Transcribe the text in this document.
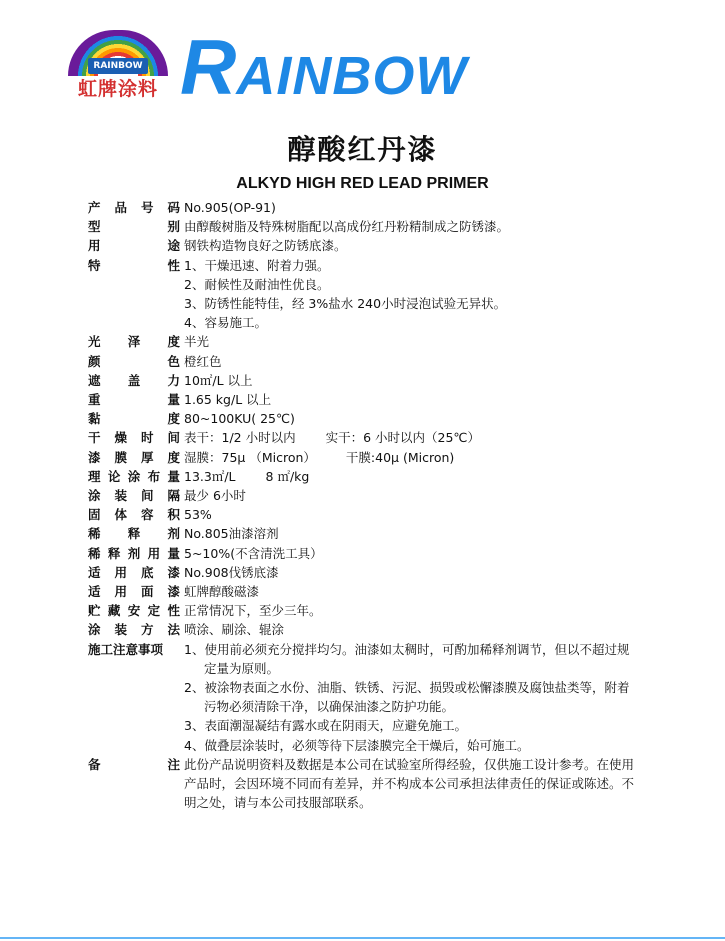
RAINBOW
虹牌涂料 RAINBOW
醇酸红丹漆
ALKYD HIGH RED LEAD PRIMER
产 品 号 码 No.905(OP-91)
型	别 由醇酸树脂及特殊树脂配以高成份红丹粉精制成之防锈漆。
用	途 钢铁构造物良好之防锈底漆。
特	性 1、干燥迅速、附着力强。
2、耐候性及耐油性优良。
3、防锈性能特佳，经 3%盐水 240小时浸泡试验无异状。
4、容易施工。
光 泽 度 半光
颜	色 橙红色
遮 盖 力 10㎡/L 以上
重	量 1.65 kg/L 以上
黏	度 80~100KU( 25℃)
干 燥 时 间 表干：1/2 小时以内 实干：6 小时以内（25℃）
漆 膜 厚 度 湿膜：75μ （Micron） 干膜:40μ (Micron)
理 论 涂 布 量 13.3㎡/L 8 ㎡/kg
涂 装 间 隔 最少 6小时
固 体 容 积 53%
稀 释 剂 No.805油漆溶剂
稀 释 剂 用 量 5~10%(不含清洗工具）
适 用 底 漆 No.908伐锈底漆
适 用 面 漆 虹牌醇酸磁漆
贮 藏 安 定 性 正常情况下，至少三年。
涂 装 方 法 喷涂、刷涂、辊涂
施工注意事项	1、使用前必须充分搅拌均匀。油漆如太稠时，可酌加稀释剂调节，但以不超过规
定量为原则。
2、被涂物表面之水份、油脂、铁锈、污泥、损毁或松懈漆膜及腐蚀盐类等，附着
污物必须清除干净，以确保油漆之防护功能。
3、表面潮湿凝结有露水或在阴雨天，应避免施工。
4、做叠层涂装时，必须等待下层漆膜完全干燥后，始可施工。
备	注 此份产品说明资料及数据是本公司在试验室所得经验，仅供施工设计参考。在使用
产品时，会因环境不同而有差异，并不构成本公司承担法律责任的保证或陈述。不
明之处，请与本公司技服部联系。
